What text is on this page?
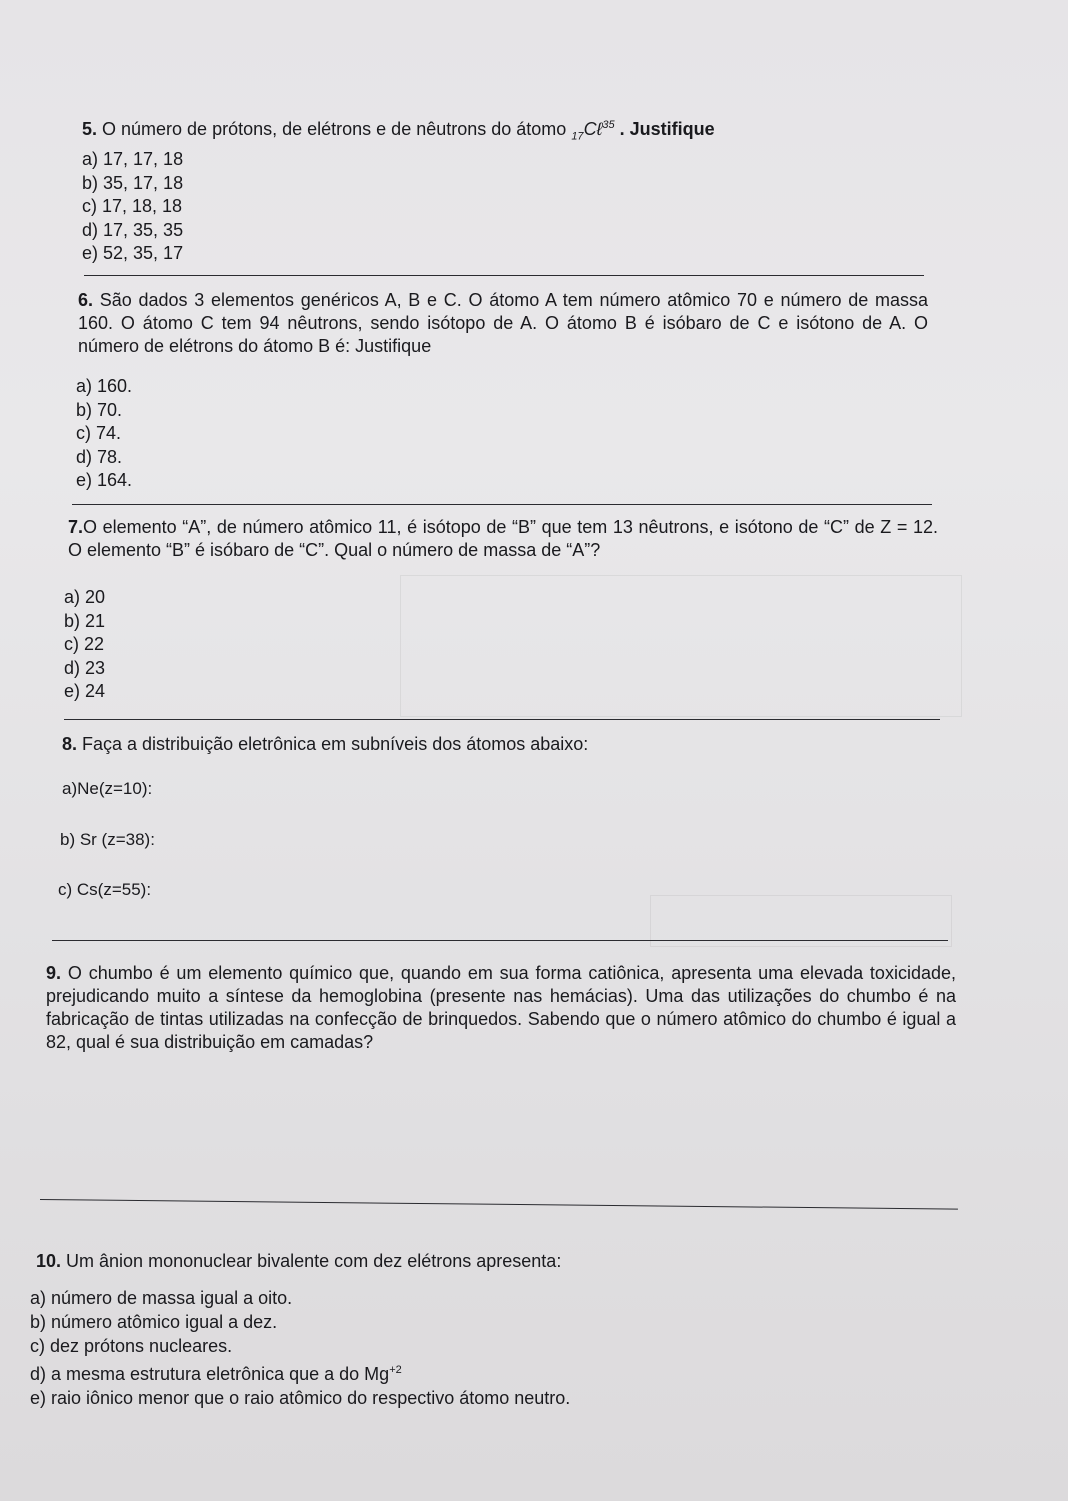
5. O número de prótons, de elétrons e de nêutrons do átomo $_{17}$Cℓ$^{35}$ . Justifique
a) 17, 17, 18
b) 35, 17, 18
c) 17, 18, 18
d) 17, 35, 35
e) 52, 35, 17
6. São dados 3 elementos genéricos A, B e C. O átomo A tem número atômico 70 e número de massa 160. O átomo C tem 94 nêutrons, sendo isótopo de A. O átomo B é isóbaro de C e isótono de A. O número de elétrons do átomo B é: Justifique
a) 160.
b) 70.
c) 74.
d) 78.
e) 164.
7.O elemento “A”, de número atômico 11, é isótopo de “B” que tem 13 nêutrons, e isótono de “C” de Z = 12. O elemento “B” é isóbaro de “C”. Qual o número de massa de “A”?
a) 20
b) 21
c) 22
d) 23
e) 24
8. Faça a distribuição eletrônica em subníveis dos átomos abaixo:
a)Ne(z=10):
b) Sr (z=38):
c) Cs(z=55):
9. O chumbo é um elemento químico que, quando em sua forma catiônica, apresenta uma elevada toxicidade, prejudicando muito a síntese da hemoglobina (presente nas hemácias). Uma das utilizações do chumbo é na fabricação de tintas utilizadas na confecção de brinquedos. Sabendo que o número atômico do chumbo é igual a 82, qual é sua distribuição em camadas?
10. Um ânion mononuclear bivalente com dez elétrons apresenta:
a) número de massa igual a oito.
b) número atômico igual a dez.
c) dez prótons nucleares.
d) a mesma estrutura eletrônica que a do $Mg^{+2}$
e) raio iônico menor que o raio atômico do respectivo átomo neutro.
